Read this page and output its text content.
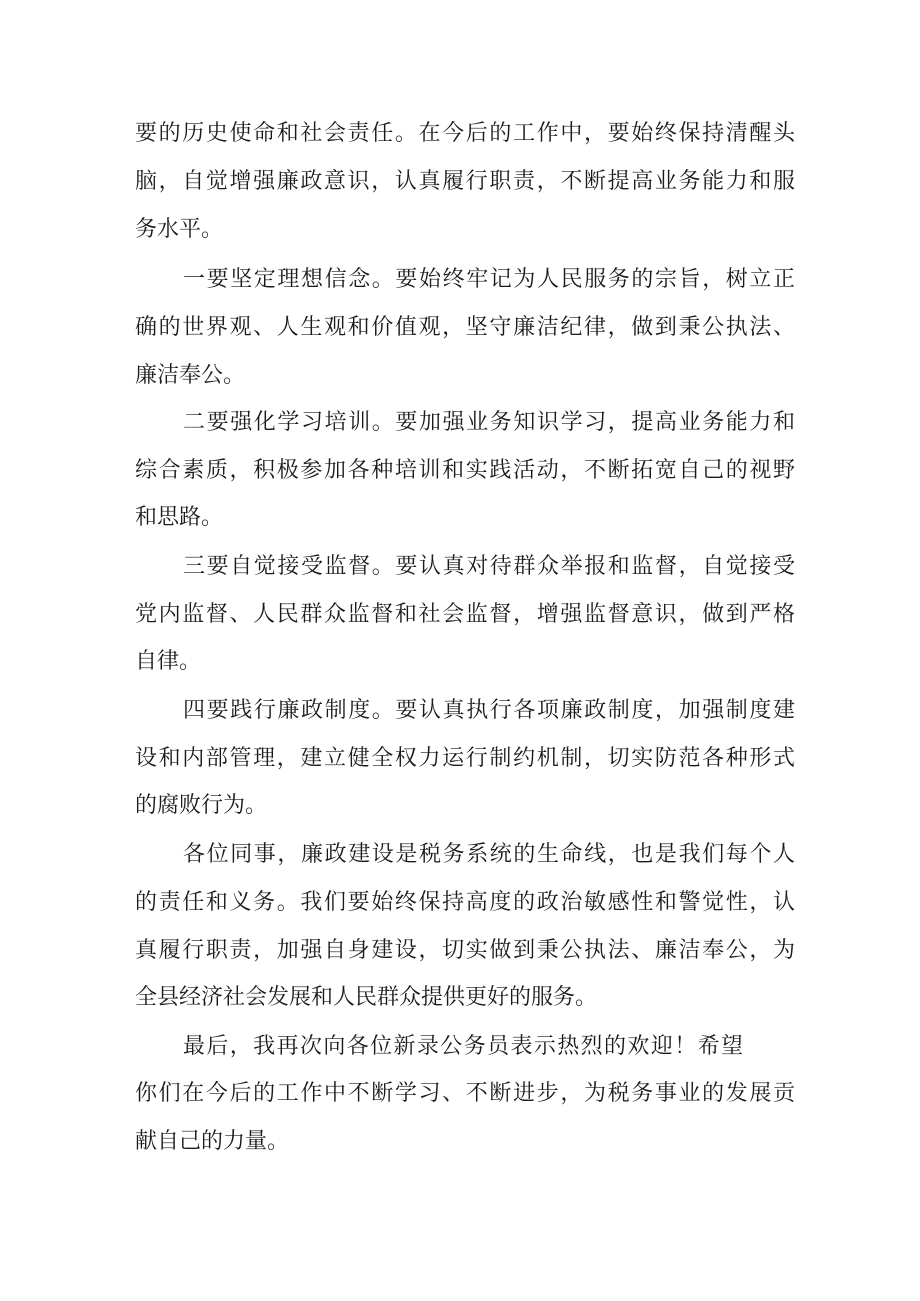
要的历史使命和社会责任。在今后的工作中，要始终保持清醒头
脑，自觉增强廉政意识，认真履行职责，不断提高业务能力和服
务水平。
一要坚定理想信念。要始终牢记为人民服务的宗旨，树立正
确的世界观、人生观和价值观，坚守廉洁纪律，做到秉公执法、
廉洁奉公。
二要强化学习培训。要加强业务知识学习，提高业务能力和
综合素质，积极参加各种培训和实践活动，不断拓宽自己的视野
和思路。
三要自觉接受监督。要认真对待群众举报和监督，自觉接受
党内监督、人民群众监督和社会监督，增强监督意识，做到严格
自律。
四要践行廉政制度。要认真执行各项廉政制度，加强制度建
设和内部管理，建立健全权力运行制约机制，切实防范各种形式
的腐败行为。
各位同事，廉政建设是税务系统的生命线，也是我们每个人
的责任和义务。我们要始终保持高度的政治敏感性和警觉性，认
真履行职责，加强自身建设，切实做到秉公执法、廉洁奉公，为
全县经济社会发展和人民群众提供更好的服务。
最后，我再次向各位新录公务员表示热烈的欢迎！希望
你们在今后的工作中不断学习、不断进步，为税务事业的发展贡
献自己的力量。
